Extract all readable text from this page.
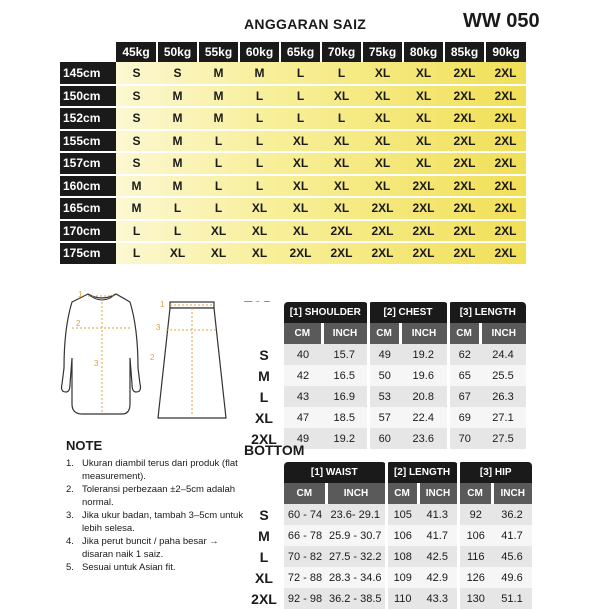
ANGGARAN SAIZ	WW 050
	45kg	50kg	55kg	60kg	65kg	70kg	75kg	80kg	85kg	90kg
145cm	S	S	M	M	L	L	XL	XL	2XL	2XL
150cm	S	M	M	L	L	XL	XL	XL	2XL	2XL
152cm	S	M	M	L	L	L	XL	XL	2XL	2XL
155cm	S	M	L	L	XL	XL	XL	XL	2XL	2XL
157cm	S	M	L	L	XL	XL	XL	XL	2XL	2XL
160cm	M	M	L	L	XL	XL	XL	2XL	2XL	2XL
165cm	M	L	L	XL	XL	XL	2XL	2XL	2XL	2XL
170cm	L	L	XL	XL	XL	2XL	2XL	2XL	2XL	2XL
175cm	L	XL	XL	XL	2XL	2XL	2XL	2XL	2XL	2XL
1
2
3
1
3
2
	[1] SHOULDER		[2] CHEST		[3] LENGTH	
	CM	INCH	CM	INCH	CM	INCH
S	40	15.7	49	19.2	62	24.4
M	42	16.5	50	19.6	65	25.5
L	43	16.9	53	20.8	67	26.3
XL	47	18.5	57	22.4	69	27.1
2XL	49	19.2	60	23.6	70	27.5
BOTTOM
	[1] WAIST		[2] LENGTH		[3] HIP	
	CM	INCH	CM	INCH	CM	INCH
S	60 - 74	23.6- 29.1	105	41.3	92	36.2
M	66 - 78	25.9 - 30.7	106	41.7	106	41.7
L	70 - 82	27.5 - 32.2	108	42.5	116	45.6
XL	72 - 88	28.3 - 34.6	109	42.9	126	49.6
2XL	92 - 98	36.2 - 38.5	110	43.3	130	51.1
NOTE
1. Ukuran diambil terus dari produk (flat measurement).
2. Toleransi perbezaan ±2–5cm adalah normal.
3. Jika ukur badan, tambah 3–5cm untuk lebih selesa.
4. Jika perut buncit / paha besar → disaran naik 1 saiz.
5. Sesuai untuk Asian fit.
